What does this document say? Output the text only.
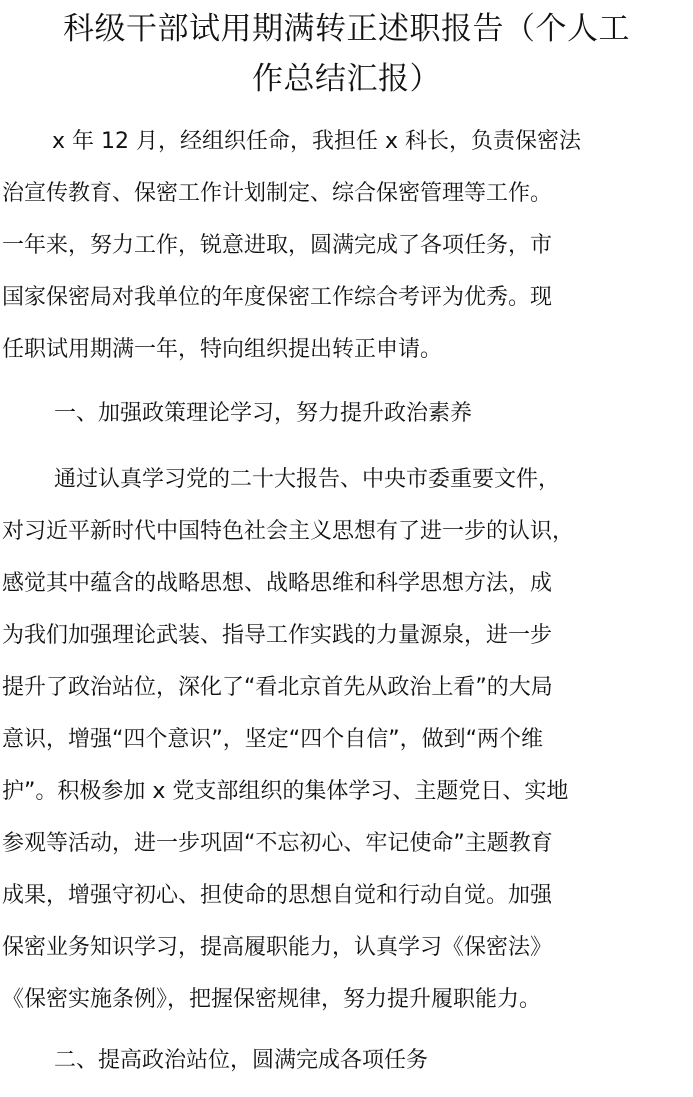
科级干部试用期满转正述职报告（个人工
作总结汇报）
x 年 12 月，经组织任命，我担任 x 科长，负责保密法
治宣传教育、保密工作计划制定、综合保密管理等工作。
一年来，努力工作，锐意进取，圆满完成了各项任务，市
国家保密局对我单位的年度保密工作综合考评为优秀。现
任职试用期满一年，特向组织提出转正申请。
一、加强政策理论学习，努力提升政治素养
通过认真学习党的二十大报告、中央市委重要文件，
对习近平新时代中国特色社会主义思想有了进一步的认识，
感觉其中蕴含的战略思想、战略思维和科学思想方法，成
为我们加强理论武装、指导工作实践的力量源泉，进一步
提升了政治站位，深化了“看北京首先从政治上看”的大局
意识，增强“四个意识”，坚定“四个自信”，做到“两个维
护”。积极参加 x 党支部组织的集体学习、主题党日、实地
参观等活动，进一步巩固“不忘初心、牢记使命”主题教育
成果，增强守初心、担使命的思想自觉和行动自觉。加强
保密业务知识学习，提高履职能力，认真学习《保密法》
《保密实施条例》，把握保密规律，努力提升履职能力。
二、提高政治站位，圆满完成各项任务
